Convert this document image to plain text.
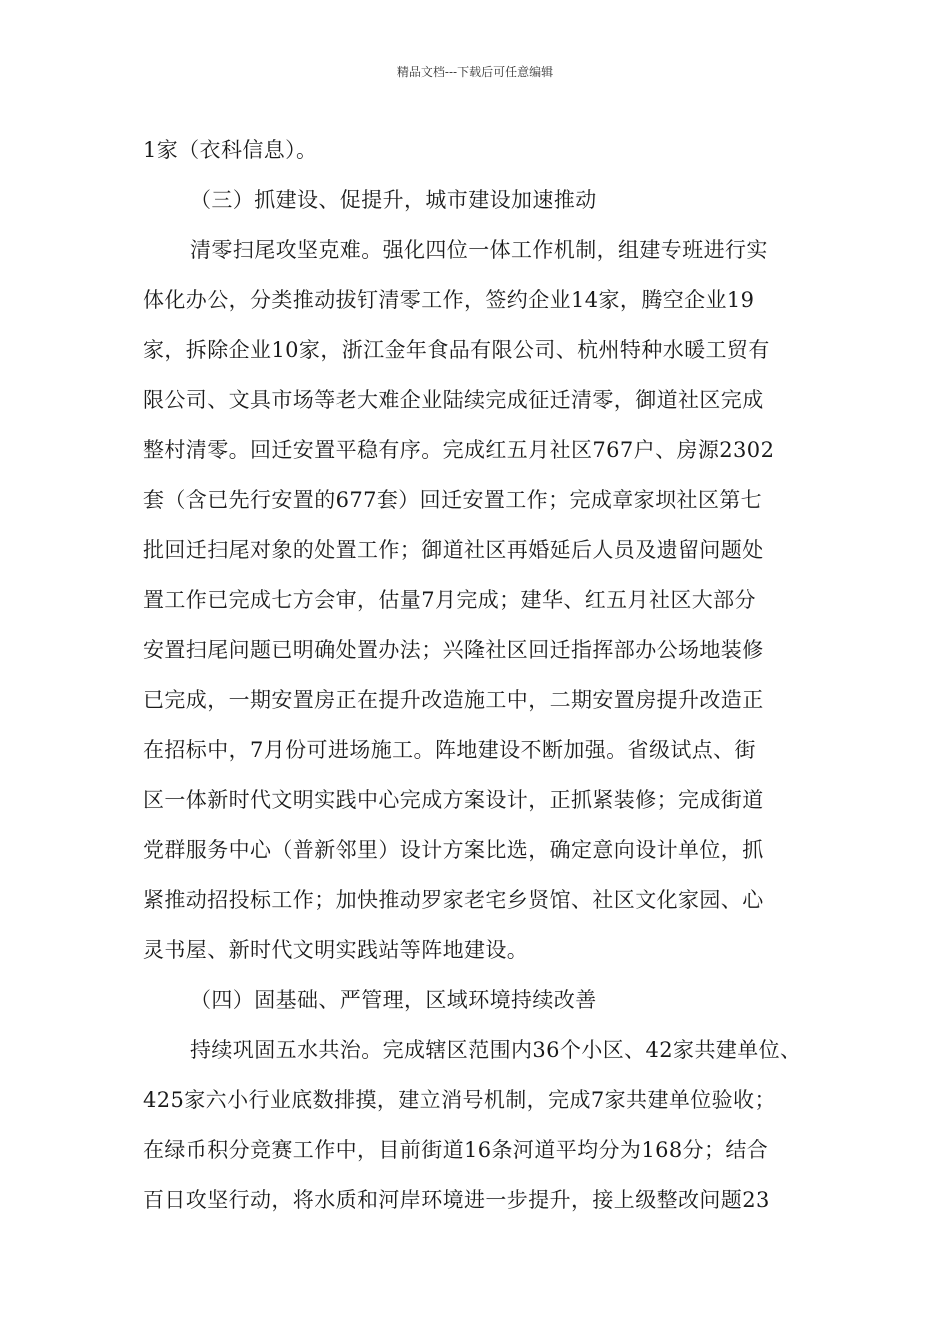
精品文档---下载后可任意编辑
1家（衣科信息）。
（三）抓建设、促提升，城市建设加速推动
清零扫尾攻坚克难。强化四位一体工作机制，组建专班进行实
体化办公，分类推动拔钉清零工作，签约企业14家，腾空企业19
家，拆除企业10家，浙江金年食品有限公司、杭州特种水暖工贸有
限公司、文具市场等老大难企业陆续完成征迁清零，御道社区完成
整村清零。回迁安置平稳有序。完成红五月社区767户、房源2302
套（含已先行安置的677套）回迁安置工作；完成章家坝社区第七
批回迁扫尾对象的处置工作；御道社区再婚延后人员及遗留问题处
置工作已完成七方会审，估量7月完成；建华、红五月社区大部分
安置扫尾问题已明确处置办法；兴隆社区回迁指挥部办公场地装修
已完成，一期安置房正在提升改造施工中，二期安置房提升改造正
在招标中，7月份可进场施工。阵地建设不断加强。省级试点、街
区一体新时代文明实践中心完成方案设计，正抓紧装修；完成街道
党群服务中心（普新邻里）设计方案比选，确定意向设计单位，抓
紧推动招投标工作；加快推动罗家老宅乡贤馆、社区文化家园、心
灵书屋、新时代文明实践站等阵地建设。
（四）固基础、严管理，区域环境持续改善
持续巩固五水共治。完成辖区范围内36个小区、42家共建单位、
425家六小行业底数排摸，建立消号机制，完成7家共建单位验收；
在绿币积分竞赛工作中，目前街道16条河道平均分为168分；结合
百日攻坚行动，将水质和河岸环境进一步提升，接上级整改问题23
